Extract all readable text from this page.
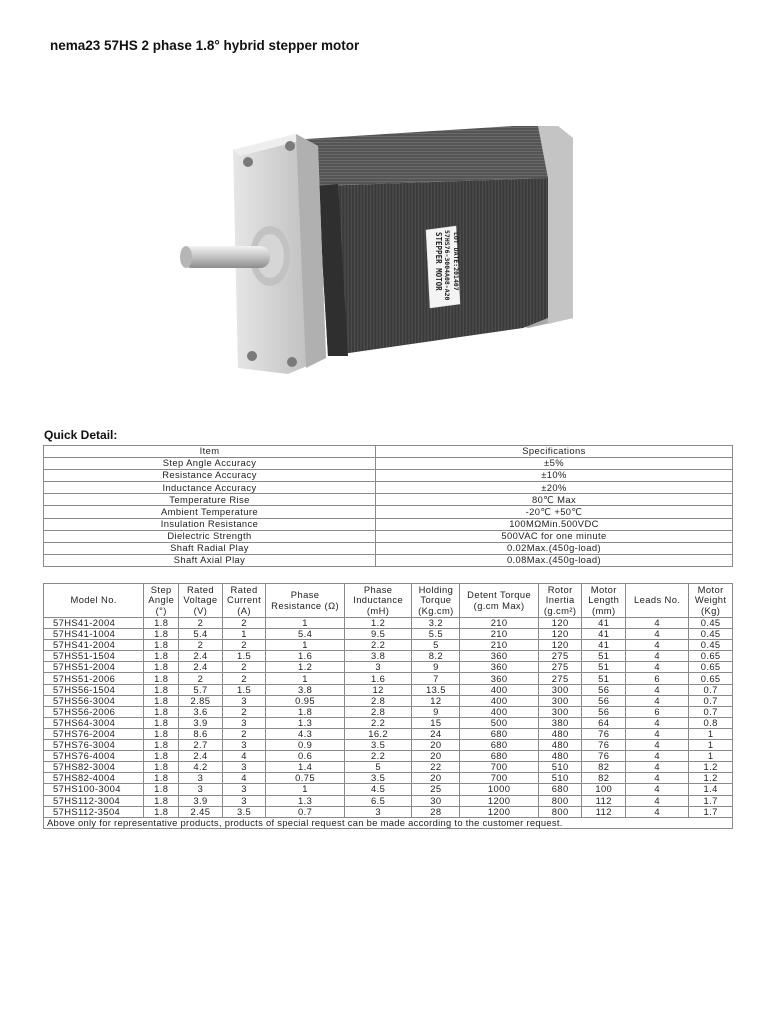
nema23 57HS 2 phase 1.8° hybrid stepper motor
STEPPER MOTOR 57HS76-3004A08-A20 LOT DATE:201407
Quick Detail:
Item	Specifications
Step Angle Accuracy	±5%
Resistance Accuracy	±10%
Inductance Accuracy	±20%
Temperature Rise	80℃ Max
Ambient Temperature	-20℃ +50℃
Insulation Resistance	100MΩMin.500VDC
Dielectric Strength	500VAC for one minute
Shaft Radial Play	0.02Max.(450g-load)
Shaft Axial Play	0.08Max.(450g-load)
Model No.	Step Angle (°)	Rated Voltage (V)	Rated Current (A)	Phase Resistance (Ω)	Phase Inductance (mH)	Holding Torque (Kg.cm)	Detent Torque (g.cm Max)	Rotor Inertia (g.cm²)	Motor Length (mm)	Leads No.	Motor Weight (Kg)
57HS41-2004	1.8	2	2	1	1.2	3.2	210	120	41	4	0.45
57HS41-1004	1.8	5.4	1	5.4	9.5	5.5	210	120	41	4	0.45
57HS41-2004	1.8	2	2	1	2.2	5	210	120	41	4	0.45
57HS51-1504	1.8	2.4	1.5	1.6	3.8	8.2	360	275	51	4	0.65
57HS51-2004	1.8	2.4	2	1.2	3	9	360	275	51	4	0.65
57HS51-2006	1.8	2	2	1	1.6	7	360	275	51	6	0.65
57HS56-1504	1.8	5.7	1.5	3.8	12	13.5	400	300	56	4	0.7
57HS56-3004	1.8	2.85	3	0.95	2.8	12	400	300	56	4	0.7
57HS56-2006	1.8	3.6	2	1.8	2.8	9	400	300	56	6	0.7
57HS64-3004	1.8	3.9	3	1.3	2.2	15	500	380	64	4	0.8
57HS76-2004	1.8	8.6	2	4.3	16.2	24	680	480	76	4	1
57HS76-3004	1.8	2.7	3	0.9	3.5	20	680	480	76	4	1
57HS76-4004	1.8	2.4	4	0.6	2.2	20	680	480	76	4	1
57HS82-3004	1.8	4.2	3	1.4	5	22	700	510	82	4	1.2
57HS82-4004	1.8	3	4	0.75	3.5	20	700	510	82	4	1.2
57HS100-3004	1.8	3	3	1	4.5	25	1000	680	100	4	1.4
57HS112-3004	1.8	3.9	3	1.3	6.5	30	1200	800	112	4	1.7
57HS112-3504	1.8	2.45	3.5	0.7	3	28	1200	800	112	4	1.7
Above only for representative products, products of special request can be made according to the customer request.											
